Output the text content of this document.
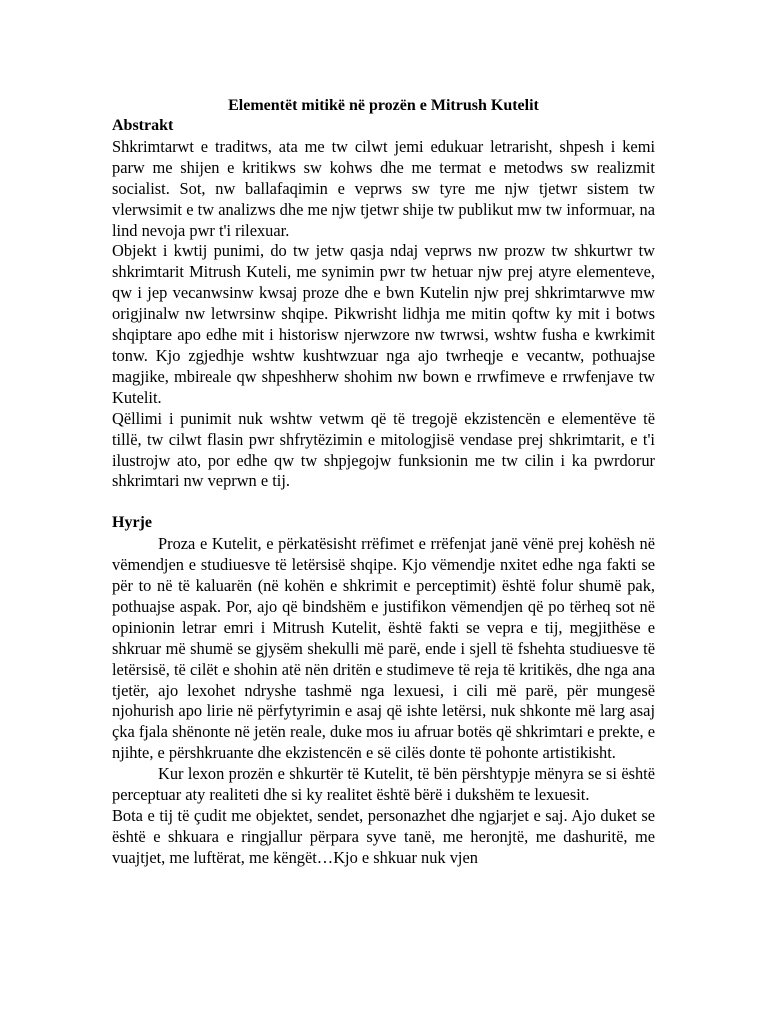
Elementët mitikë në prozën e Mitrush Kutelit

Abstrakt

Shkrimtarwt e traditws, ata me tw cilwt jemi edukuar letrarisht, shpesh i kemi parw me shijen e kritikws sw kohws dhe me termat e metodws sw realizmit socialist. Sot, nw ballafaqimin e veprws sw tyre me njw tjetwr sistem tw vlerwsimit e tw analizws dhe me njw tjetwr shije tw publikut mw tw informuar, na lind nevoja pwr t'i rilexuar.

Objekt i kwtij punimi, do tw jetw qasja ndaj veprws nw prozw tw shkurtwr tw shkrimtarit Mitrush Kuteli, me synimin pwr tw hetuar njw prej atyre elementeve, qw i jep vecanwsinw kwsaj proze dhe e bwn Kutelin njw prej shkrimtarwve mw origjinalw nw letwrsinw shqipe. Pikwrisht lidhja me mitin qoftw ky mit i botws shqiptare apo edhe mit i historisw njerwzore nw twrwsi, wshtw fusha e kwrkimit tonw. Kjo zgjedhje wshtw kushtwzuar nga ajo twrheqje e vecantw, pothuajse magjike, mbireale qw shpeshherw shohim nw bown e rrwfimeve e rrwfenjave tw Kutelit.

Qëllimi i punimit nuk wshtw vetwm që të tregojë ekzistencën e elementëve të tillë, tw cilwt flasin pwr shfrytëzimin e mitologjisë vendase prej shkrimtarit, e t'i ilustrojw ato, por edhe qw tw shpjegojw funksionin me tw cilin i ka pwrdorur shkrimtari nw veprwn e tij.

Hyrje

Proza e Kutelit, e përkatësisht rrëfimet e rrëfenjat janë vënë prej kohësh në vëmendjen e studiuesve të letërsisë shqipe. Kjo vëmendje nxitet edhe nga fakti se për to në të kaluarën (në kohën e shkrimit e perceptimit) është folur shumë pak, pothuajse aspak. Por, ajo që bindshëm e justifikon vëmendjen që po tërheq sot në opinionin letrar emri i Mitrush Kutelit, është fakti se vepra e tij, megjithëse e shkruar më shumë se gjysëm shekulli më parë, ende i sjell të fshehta studiuesve të letërsisë, të cilët e shohin atë nën dritën e studimeve të reja të kritikës, dhe nga ana tjetër, ajo lexohet ndryshe tashmë nga lexuesi, i cili më parë, për mungesë njohurish apo lirie në përfytyrimin e asaj që ishte letërsi, nuk shkonte më larg asaj çka fjala shënonte në jetën reale, duke mos iu afruar botës që shkrimtari e prekte, e njihte, e përshkruante dhe ekzistencën e së cilës donte të pohonte artistikisht.

Kur lexon prozën e shkurtër të Kutelit, të bën përshtypje mënyra se si është perceptuar aty realiteti dhe si ky realitet është bërë i dukshëm te lexuesit.

Bota e tij të çudit me objektet, sendet, personazhet dhe ngjarjet e saj. Ajo duket se është e shkuara e ringjallur përpara syve tanë, me heronjtë, me dashuritë, me vuajtjet, me luftërat, me këngët…Kjo e shkuar nuk vjen
